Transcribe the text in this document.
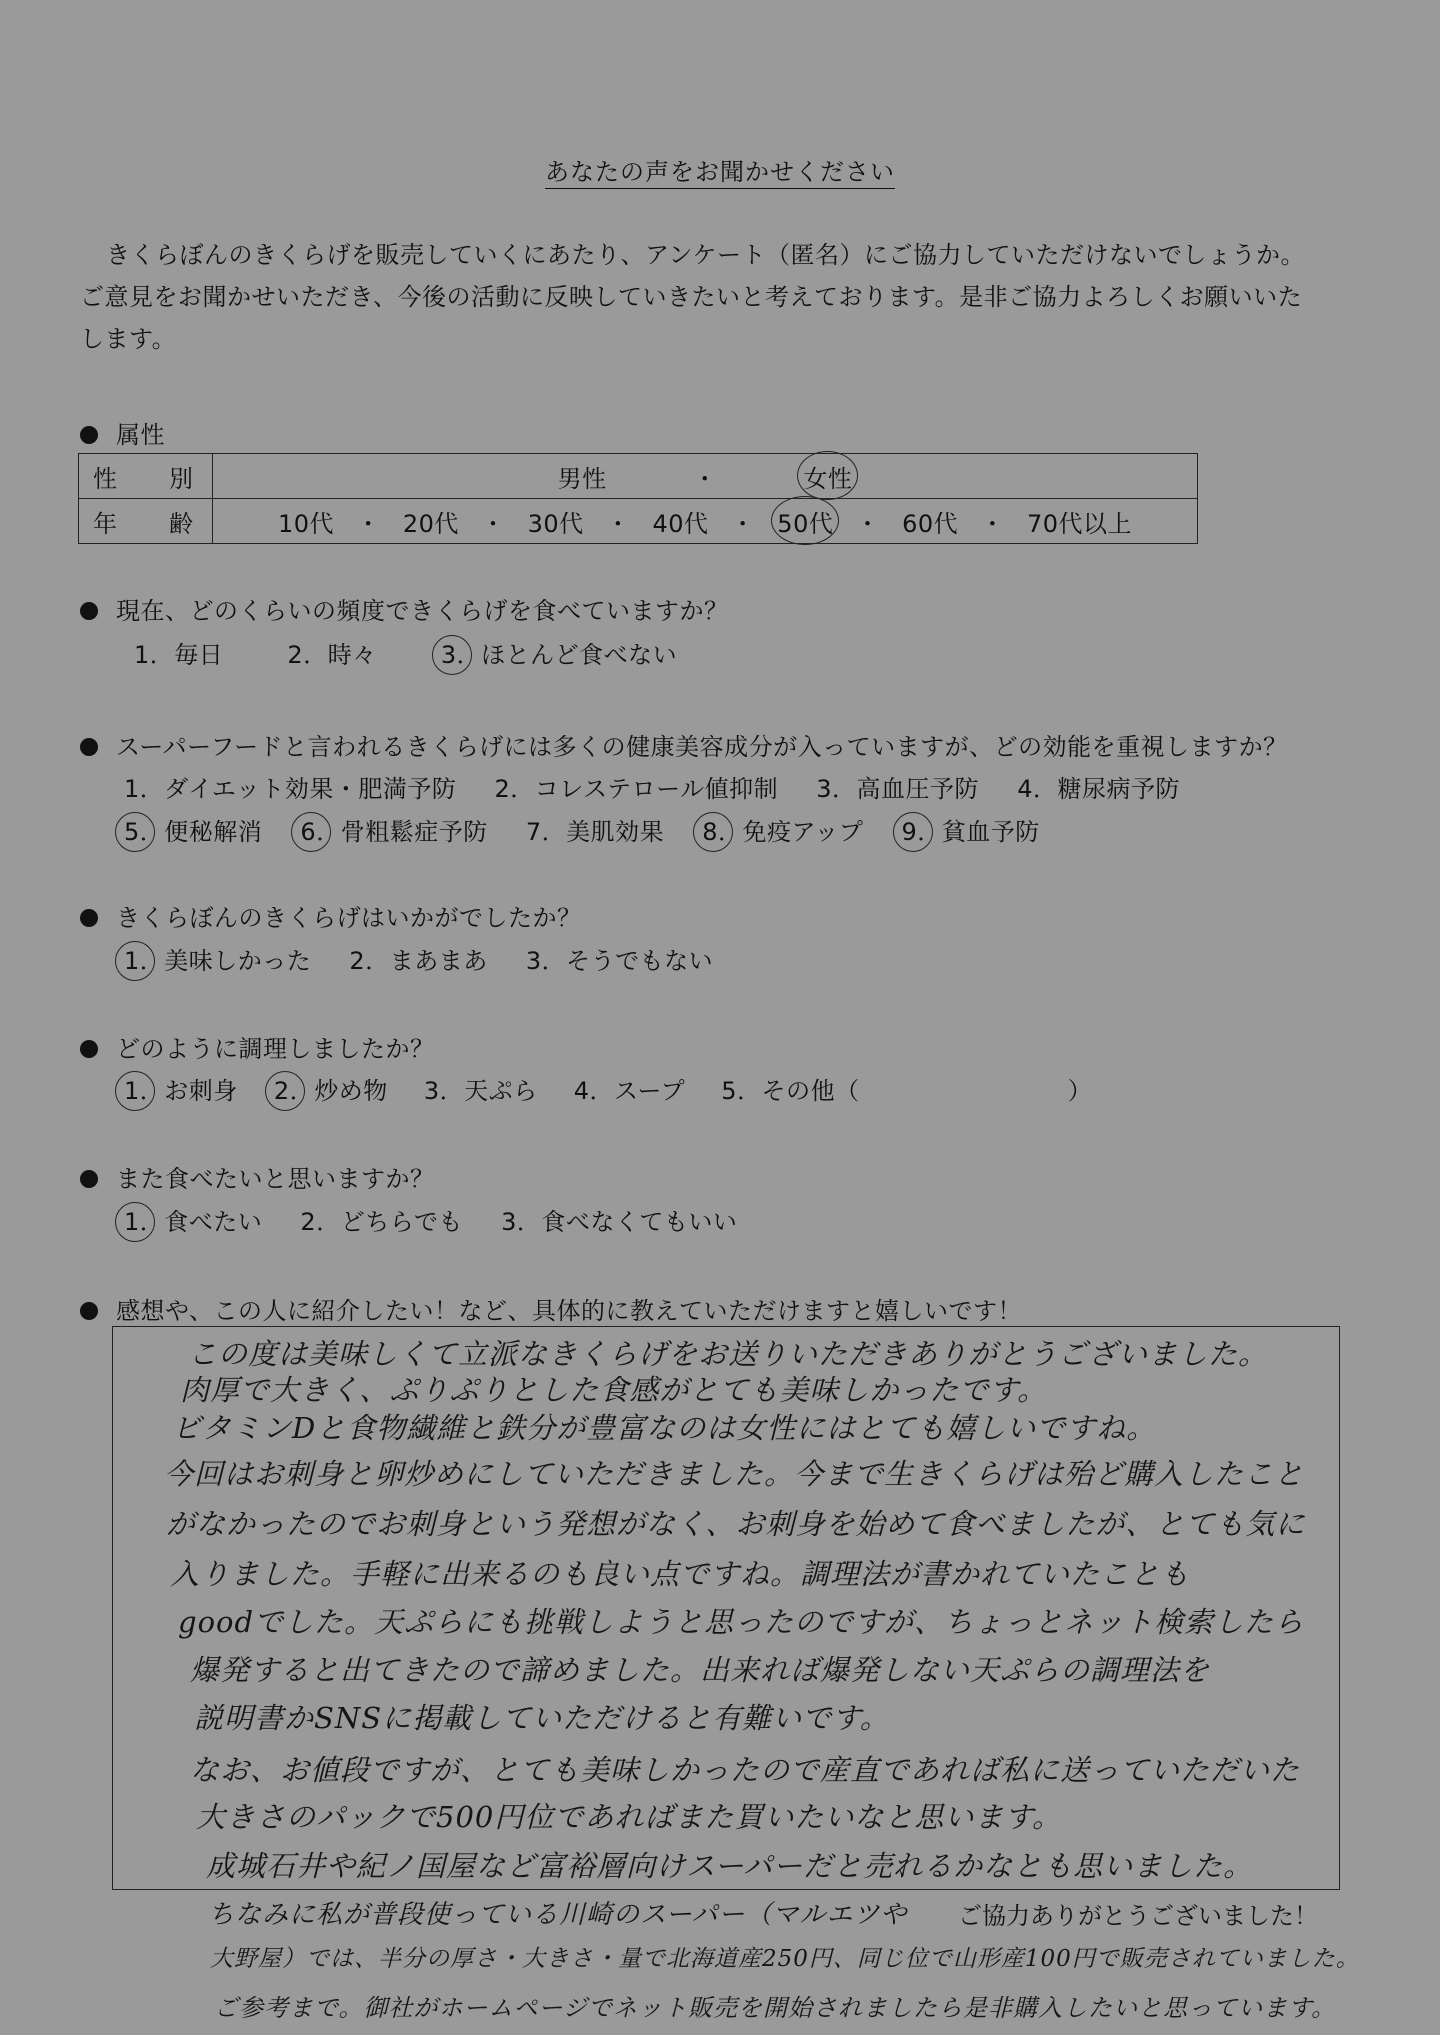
あなたの声をお聞かせください

きくらぼんのきくらげを販売していくにあたり、アンケート（匿名）にご協力していただけないでしょうか。

ご意見をお聞かせいただき、今後の活動に反映していきたいと考えております。是非ご協力よろしくお願いいた

します。

属性
性　別	男性 ・ 女性
年　齢	10代 ・ 20代 ・ 30代 ・ 40代 ・ 50代 ・ 60代 ・ 70代以上
現在、どのくらいの頻度できくらげを食べていますか？
1．毎日	2．時々	3．ほとんど食べない
スーパーフードと言われるきくらげには多くの健康美容成分が入っていますが、どの効能を重視しますか？
1．ダイエット効果・肥満予防 2．コレステロール値抑制 3．高血圧予防 4．糖尿病予防
5．便秘解消 6．骨粗鬆症予防 7．美肌効果 8．免疫アップ 9．貧血予防
きくらぼんのきくらげはいかがでしたか？
1．美味しかった 2．まあまあ 3．そうでもない
どのように調理しましたか？
1．お刺身 2．炒め物 3．天ぷら 4．スープ 5．その他（	）
また食べたいと思いますか？
1．食べたい 2．どちらでも 3．食べなくてもいい
感想や、この人に紹介したい！など、具体的に教えていただけますと嬉しいです！
この度は美味しくて立派なきくらげをお送りいただきありがとうございました。
肉厚で大きく、ぷりぷりとした食感がとても美味しかったです。
ビタミンDと食物繊維と鉄分が豊富なのは女性にはとても嬉しいですね。
今回はお刺身と卵炒めにしていただきました。今まで生きくらげは殆ど購入したこと
がなかったのでお刺身という発想がなく、お刺身を始めて食べましたが、とても気に
入りました。手軽に出来るのも良い点ですね。調理法が書かれていたことも
goodでした。天ぷらにも挑戦しようと思ったのですが、ちょっとネット検索したら
爆発すると出てきたので諦めました。出来れば爆発しない天ぷらの調理法を
説明書かSNSに掲載していただけると有難いです。
なお、お値段ですが、とても美味しかったので産直であれば私に送っていただいた
大きさのパックで500円位であればまた買いたいなと思います。
成城石井や紀ノ国屋など富裕層向けスーパーだと売れるかなとも思いました。
ちなみに私が普段使っている川崎のスーパー（マルエツや
大野屋）では、半分の厚さ・大きさ・量で北海道産250円、同じ位で山形産100円で販売されていました。
ご参考まで。御社がホームページでネット販売を開始されましたら是非購入したいと思っています。
ご協力ありがとうございました！
